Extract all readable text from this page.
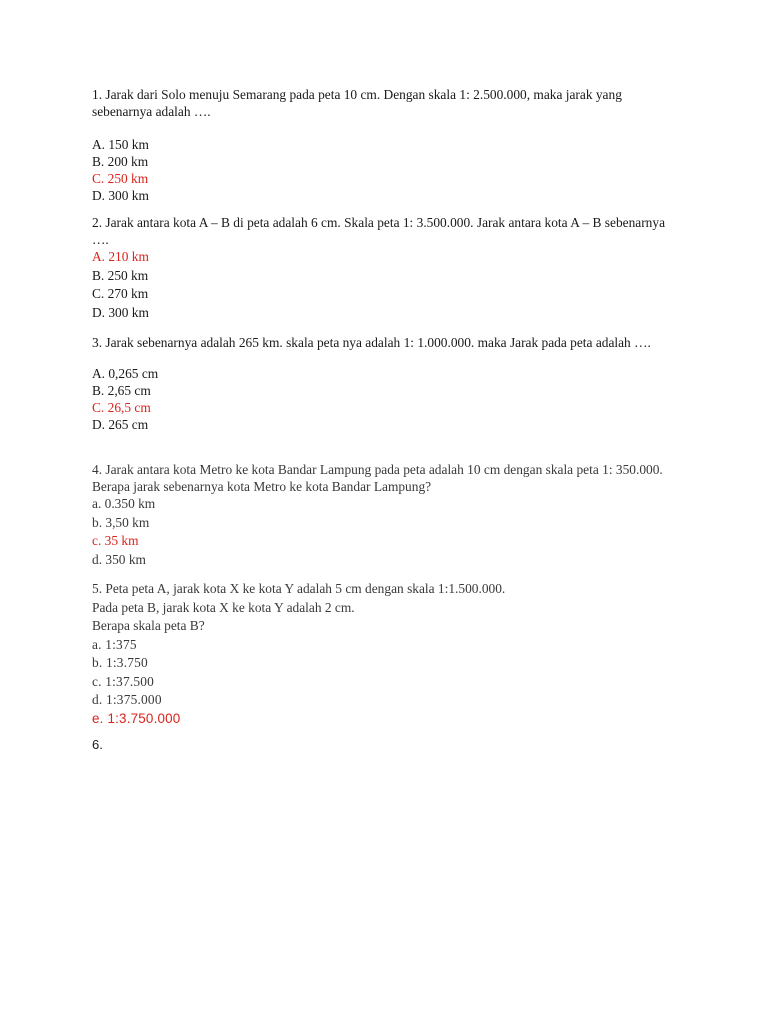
1. Jarak dari Solo menuju Semarang pada peta 10 cm. Dengan skala 1: 2.500.000, maka jarak yang sebenarnya adalah ….

A. 150 km
B. 200 km
C. 250 km
D. 300 km

2. Jarak antara kota A – B di peta adalah 6 cm. Skala peta 1: 3.500.000. Jarak antara kota A – B sebenarnya ….

A. 210 km
B. 250 km
C. 270 km
D. 300 km

3. Jarak sebenarnya adalah 265 km. skala peta nya adalah 1: 1.000.000. maka Jarak pada peta adalah ….

A. 0,265 cm
B. 2,65 cm
C. 26,5 cm
D. 265 cm

4. Jarak antara kota Metro ke kota Bandar Lampung pada peta adalah 10 cm dengan skala peta 1: 350.000. Berapa jarak sebenarnya kota Metro ke kota Bandar Lampung?

a. 0.350 km
b. 3,50 km
c. 35 km
d. 350 km

5. Peta peta A, jarak kota X ke kota Y adalah 5 cm dengan skala 1:1.500.000.

Pada peta B, jarak kota X ke kota Y adalah 2 cm.

Berapa skala peta B?

a. 1:375
b. 1:3.750
c. 1:37.500
d. 1:375.000
e. 1:3.750.000

6.
